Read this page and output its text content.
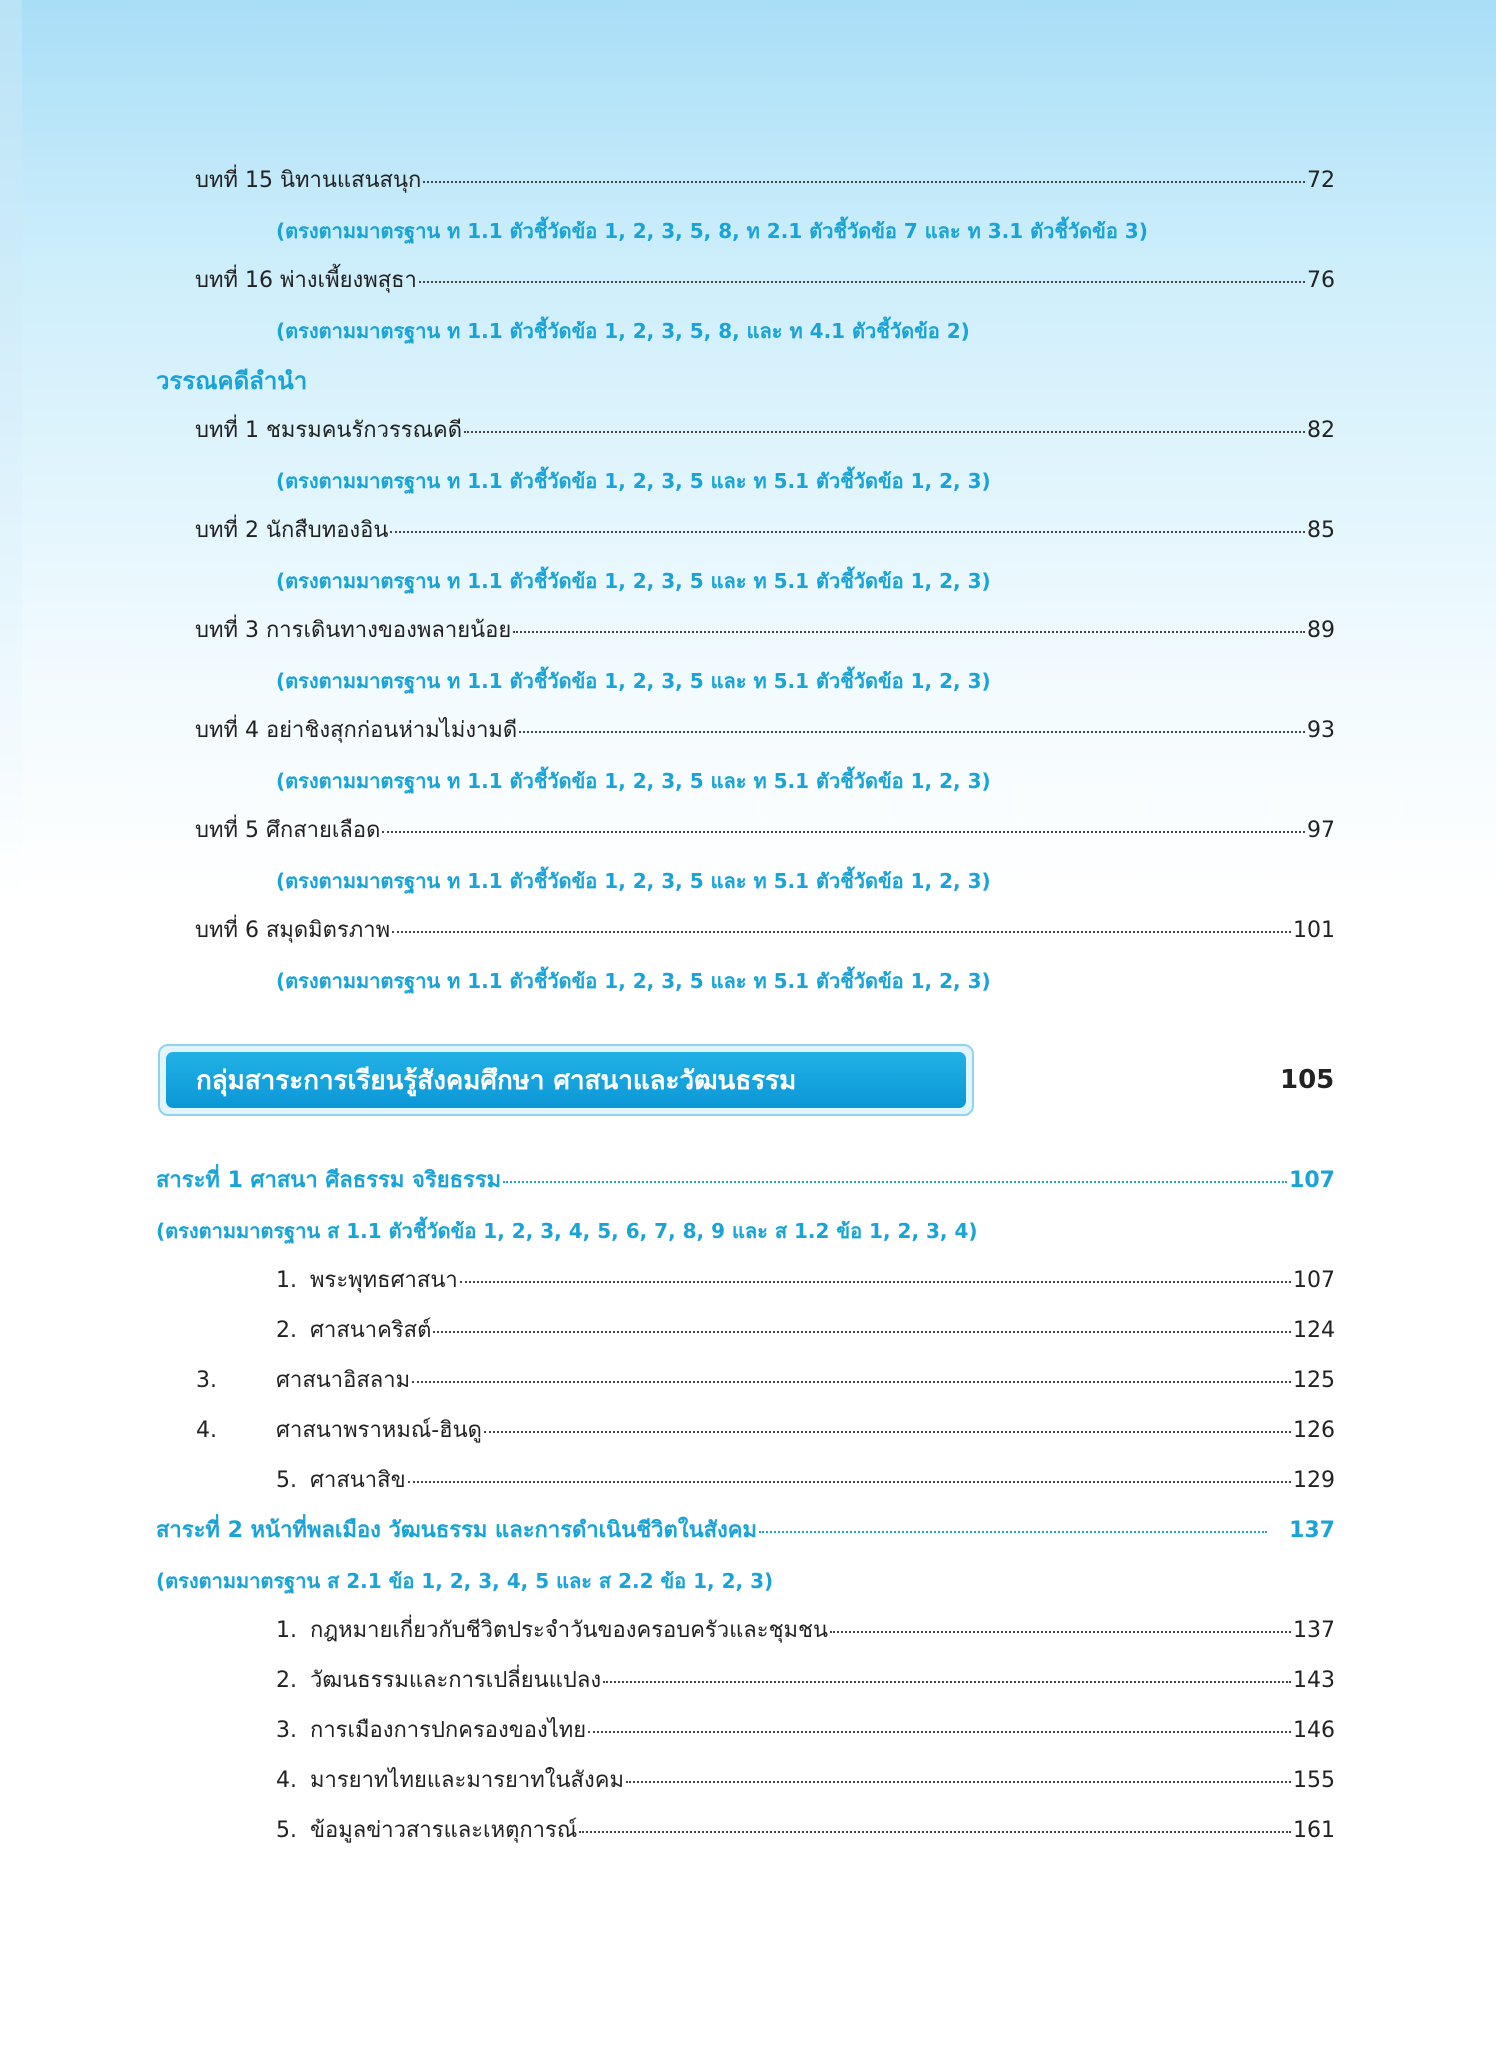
บทที่ 15 นิทานแสนสนุก	72
(ตรงตามมาตรฐาน ท 1.1 ตัวชี้วัดข้อ 1, 2, 3, 5, 8, ท 2.1 ตัวชี้วัดข้อ 7 และ ท 3.1 ตัวชี้วัดข้อ 3)
บทที่ 16 พ่างเพี้ยงพสุธา	76
(ตรงตามมาตรฐาน ท 1.1 ตัวชี้วัดข้อ 1, 2, 3, 5, 8, และ ท 4.1 ตัวชี้วัดข้อ 2)
วรรณคดีลำนำ
บทที่ 1 ชมรมคนรักวรรณคดี	82
(ตรงตามมาตรฐาน ท 1.1 ตัวชี้วัดข้อ 1, 2, 3, 5 และ ท 5.1 ตัวชี้วัดข้อ 1, 2, 3)
บทที่ 2 นักสืบทองอิน	85
(ตรงตามมาตรฐาน ท 1.1 ตัวชี้วัดข้อ 1, 2, 3, 5 และ ท 5.1 ตัวชี้วัดข้อ 1, 2, 3)
บทที่ 3 การเดินทางของพลายน้อย	89
(ตรงตามมาตรฐาน ท 1.1 ตัวชี้วัดข้อ 1, 2, 3, 5 และ ท 5.1 ตัวชี้วัดข้อ 1, 2, 3)
บทที่ 4 อย่าชิงสุกก่อนห่ามไม่งามดี	93
(ตรงตามมาตรฐาน ท 1.1 ตัวชี้วัดข้อ 1, 2, 3, 5 และ ท 5.1 ตัวชี้วัดข้อ 1, 2, 3)
บทที่ 5 ศึกสายเลือด	97
(ตรงตามมาตรฐาน ท 1.1 ตัวชี้วัดข้อ 1, 2, 3, 5 และ ท 5.1 ตัวชี้วัดข้อ 1, 2, 3)
บทที่ 6 สมุดมิตรภาพ	101
(ตรงตามมาตรฐาน ท 1.1 ตัวชี้วัดข้อ 1, 2, 3, 5 และ ท 5.1 ตัวชี้วัดข้อ 1, 2, 3)
กลุ่มสาระการเรียนรู้สังคมศึกษา ศาสนาและวัฒนธรรม	105
สาระที่ 1 ศาสนา ศีลธรรม จริยธรรม	107
(ตรงตามมาตรฐาน ส 1.1 ตัวชี้วัดข้อ 1, 2, 3, 4, 5, 6, 7, 8, 9 และ ส 1.2 ข้อ 1, 2, 3, 4)
1. พระพุทธศาสนา	107
2. ศาสนาคริสต์	124
3.	ศาสนาอิสลาม	125
4.	ศาสนาพราหมณ์-ฮินดู	126
5. ศาสนาสิข	129
สาระที่ 2 หน้าที่พลเมือง วัฒนธรรม และการดำเนินชีวิตในสังคม	137
(ตรงตามมาตรฐาน ส 2.1 ข้อ 1, 2, 3, 4, 5 และ ส 2.2 ข้อ 1, 2, 3)
1. กฎหมายเกี่ยวกับชีวิตประจำวันของครอบครัวและชุมชน	137
2. วัฒนธรรมและการเปลี่ยนแปลง	143
3. การเมืองการปกครองของไทย	146
4. มารยาทไทยและมารยาทในสังคม	155
5. ข้อมูลข่าวสารและเหตุการณ์	161
